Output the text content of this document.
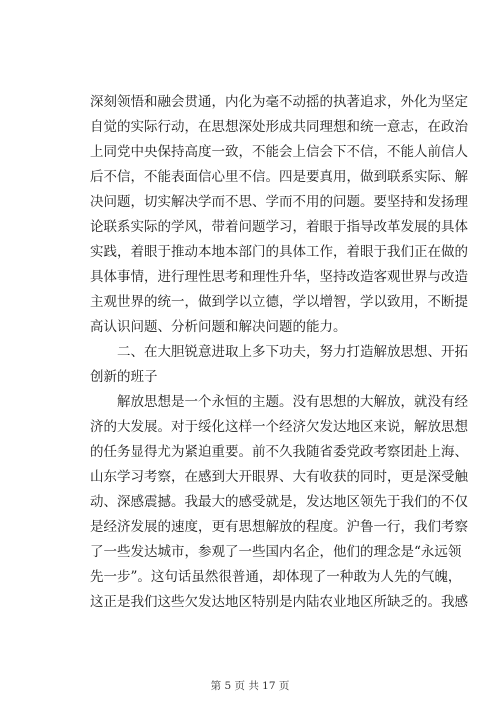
深刻领悟和融会贯通，内化为毫不动摇的执著追求，外化为坚定
自觉的实际行动，在思想深处形成共同理想和统一意志，在政治
上同党中央保持高度一致，不能会上信会下不信，不能人前信人
后不信，不能表面信心里不信。四是要真用，做到联系实际、解
决问题，切实解决学而不思、学而不用的问题。要坚持和发扬理
论联系实际的学风，带着问题学习，着眼于指导改革发展的具体
实践，着眼于推动本地本部门的具体工作，着眼于我们正在做的
具体事情，进行理性思考和理性升华，坚持改造客观世界与改造
主观世界的统一，做到学以立德，学以增智，学以致用，不断提
高认识问题、分析问题和解决问题的能力。
二、在大胆锐意进取上多下功夫，努力打造解放思想、开拓
创新的班子
解放思想是一个永恒的主题。没有思想的大解放，就没有经
济的大发展。对于绥化这样一个经济欠发达地区来说，解放思想
的任务显得尤为紧迫重要。前不久我随省委党政考察团赴上海、
山东学习考察，在感到大开眼界、大有收获的同时，更是深受触
动、深感震撼。我最大的感受就是，发达地区领先于我们的不仅
是经济发展的速度，更有思想解放的程度。沪鲁一行，我们考察
了一些发达城市，参观了一些国内名企，他们的理念是“永远领
先一步”。这句话虽然很普通，却体现了一种敢为人先的气魄，
这正是我们这些欠发达地区特别是内陆农业地区所缺乏的。我感
第 5 页 共 17 页
